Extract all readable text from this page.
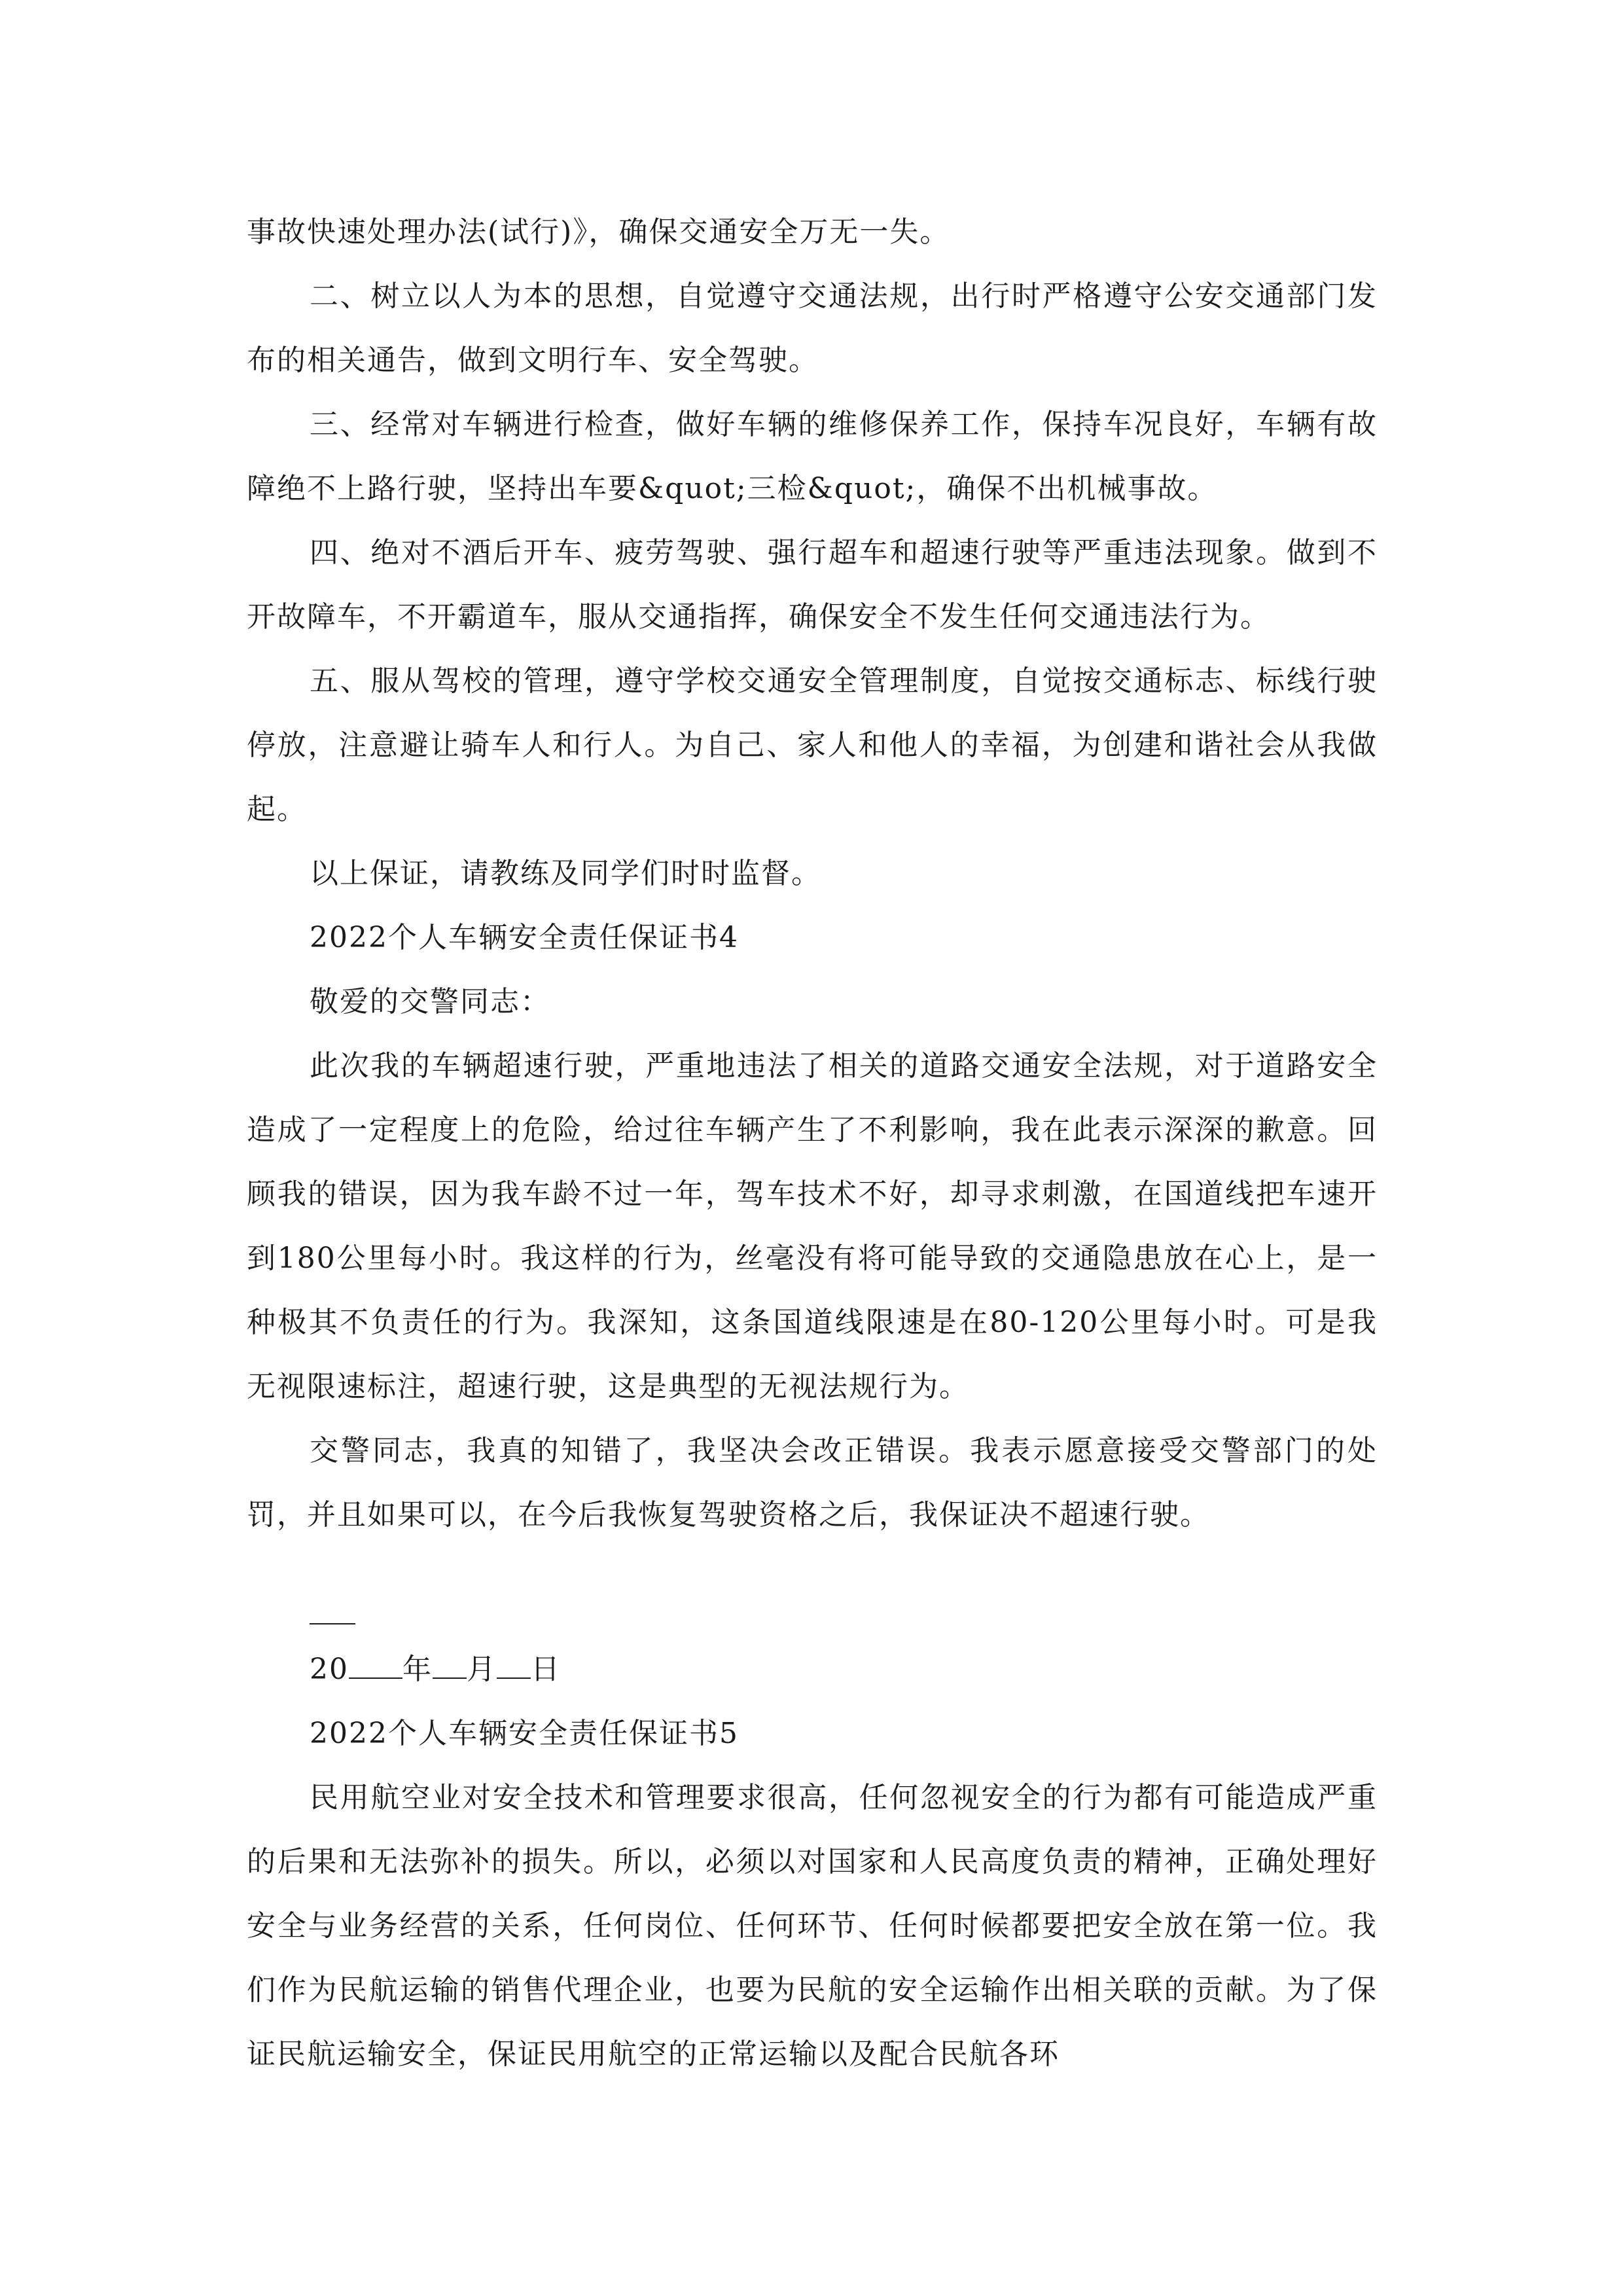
事故快速处理办法(试行)》，确保交通安全万无一失。

二、树立以人为本的思想，自觉遵守交通法规，出行时严格遵守公安交通部门发布的相关通告，做到文明行车、安全驾驶。

三、经常对车辆进行检查，做好车辆的维修保养工作，保持车况良好，车辆有故障绝不上路行驶，坚持出车要&quot;三检&quot;，确保不出机械事故。

四、绝对不酒后开车、疲劳驾驶、强行超车和超速行驶等严重违法现象。做到不开故障车，不开霸道车，服从交通指挥，确保安全不发生任何交通违法行为。

五、服从驾校的管理，遵守学校交通安全管理制度，自觉按交通标志、标线行驶停放，注意避让骑车人和行人。为自己、家人和他人的幸福，为创建和谐社会从我做起。

以上保证，请教练及同学们时时监督。

2022个人车辆安全责任保证书4

敬爱的交警同志：

此次我的车辆超速行驶，严重地违法了相关的道路交通安全法规，对于道路安全造成了一定程度上的危险，给过往车辆产生了不利影响，我在此表示深深的歉意。回顾我的错误，因为我车龄不过一年，驾车技术不好，却寻求刺激，在国道线把车速开到180公里每小时。我这样的行为，丝毫没有将可能导致的交通隐患放在心上，是一种极其不负责任的行为。我深知，这条国道线限速是在80-120公里每小时。可是我无视限速标注，超速行驶，这是典型的无视法规行为。

交警同志，我真的知错了，我坚决会改正错误。我表示愿意接受交警部门的处罚，并且如果可以，在今后我恢复驾驶资格之后，我保证决不超速行驶。

20 年 月 日

2022个人车辆安全责任保证书5

民用航空业对安全技术和管理要求很高，任何忽视安全的行为都有可能造成严重的后果和无法弥补的损失。所以，必须以对国家和人民高度负责的精神，正确处理好安全与业务经营的关系，任何岗位、任何环节、任何时候都要把安全放在第一位。我们作为民航运输的销售代理企业，也要为民航的安全运输作出相关联的贡献。为了保证民航运输安全，保证民用航空的正常运输以及配合民航各环
